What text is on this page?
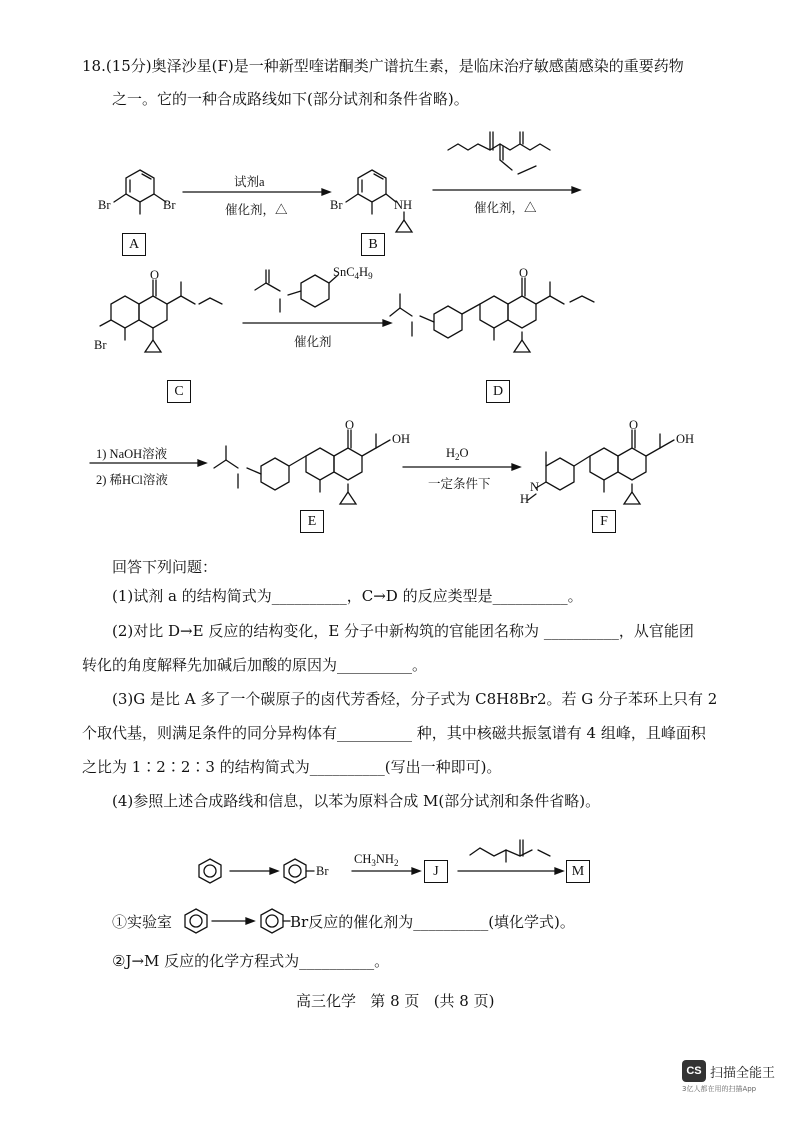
18.(15分)奥泽沙星(F)是一种新型喹诺酮类广谱抗生素，是临床治疗敏感菌感染的重要药物
之一。它的一种合成路线如下(部分试剂和条件省略)。
试剂a
催化剂，△	催化剂，△
催化剂
1) NaOH溶液
2) 稀HCl溶液
$H_2O$
一定条件下
Br	Br	Br	NH
$SnC_4H_9$
Br
O	O
O	O
OH	OH
H
N
A	B
C	D
E	F
回答下列问题：
(1)试剂 a 的结构简式为__________，C→D 的反应类型是__________。
(2)对比 D→E 反应的结构变化，E 分子中新构筑的官能团名称为 __________，从官能团
转化的角度解释先加碱后加酸的原因为__________。
(3)G 是比 A 多了一个碳原子的卤代芳香烃，分子式为 C8H8Br2。若 G 分子苯环上只有 2
个取代基，则满足条件的同分异构体有__________ 种，其中核磁共振氢谱有 4 组峰，且峰面积
之比为 1∶2∶2∶3 的结构简式为__________(写出一种即可)。
(4)参照上述合成路线和信息，以苯为原料合成 M(部分试剂和条件省略)。
Br
$CH_3NH_2$
J	M
①实验室	Br反应的催化剂为__________(填化学式)。
②J→M 反应的化学方程式为__________。
高三化学   第 8 页   (共 8 页)
CS 扫描全能王
3亿人都在用的扫描App
